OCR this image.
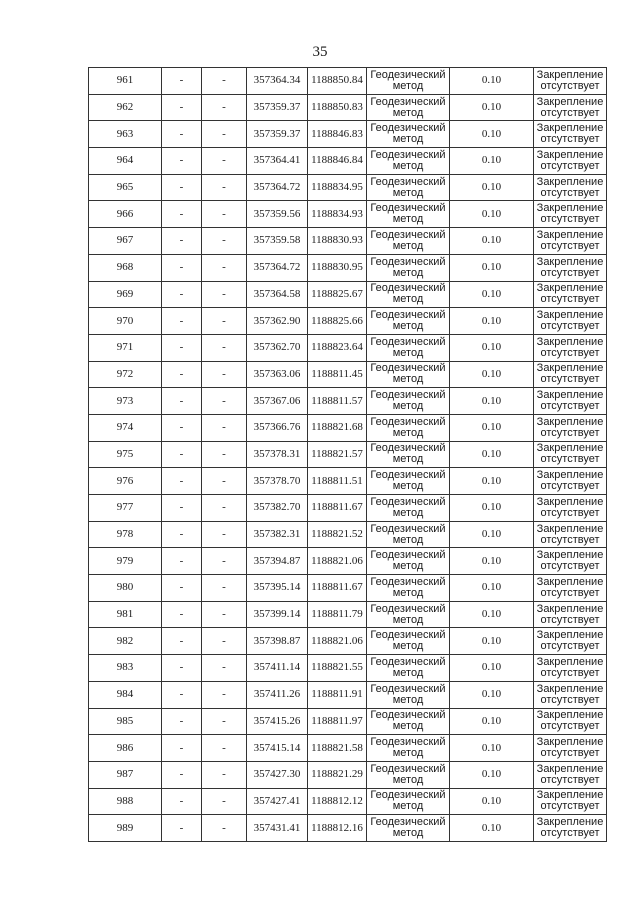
35
961	-	-	357364.34	1188850.84	Геодезический метод	0.10	Закрепление отсутствует
962	-	-	357359.37	1188850.83	Геодезический метод	0.10	Закрепление отсутствует
963	-	-	357359.37	1188846.83	Геодезический метод	0.10	Закрепление отсутствует
964	-	-	357364.41	1188846.84	Геодезический метод	0.10	Закрепление отсутствует
965	-	-	357364.72	1188834.95	Геодезический метод	0.10	Закрепление отсутствует
966	-	-	357359.56	1188834.93	Геодезический метод	0.10	Закрепление отсутствует
967	-	-	357359.58	1188830.93	Геодезический метод	0.10	Закрепление отсутствует
968	-	-	357364.72	1188830.95	Геодезический метод	0.10	Закрепление отсутствует
969	-	-	357364.58	1188825.67	Геодезический метод	0.10	Закрепление отсутствует
970	-	-	357362.90	1188825.66	Геодезический метод	0.10	Закрепление отсутствует
971	-	-	357362.70	1188823.64	Геодезический метод	0.10	Закрепление отсутствует
972	-	-	357363.06	1188811.45	Геодезический метод	0.10	Закрепление отсутствует
973	-	-	357367.06	1188811.57	Геодезический метод	0.10	Закрепление отсутствует
974	-	-	357366.76	1188821.68	Геодезический метод	0.10	Закрепление отсутствует
975	-	-	357378.31	1188821.57	Геодезический метод	0.10	Закрепление отсутствует
976	-	-	357378.70	1188811.51	Геодезический метод	0.10	Закрепление отсутствует
977	-	-	357382.70	1188811.67	Геодезический метод	0.10	Закрепление отсутствует
978	-	-	357382.31	1188821.52	Геодезический метод	0.10	Закрепление отсутствует
979	-	-	357394.87	1188821.06	Геодезический метод	0.10	Закрепление отсутствует
980	-	-	357395.14	1188811.67	Геодезический метод	0.10	Закрепление отсутствует
981	-	-	357399.14	1188811.79	Геодезический метод	0.10	Закрепление отсутствует
982	-	-	357398.87	1188821.06	Геодезический метод	0.10	Закрепление отсутствует
983	-	-	357411.14	1188821.55	Геодезический метод	0.10	Закрепление отсутствует
984	-	-	357411.26	1188811.91	Геодезический метод	0.10	Закрепление отсутствует
985	-	-	357415.26	1188811.97	Геодезический метод	0.10	Закрепление отсутствует
986	-	-	357415.14	1188821.58	Геодезический метод	0.10	Закрепление отсутствует
987	-	-	357427.30	1188821.29	Геодезический метод	0.10	Закрепление отсутствует
988	-	-	357427.41	1188812.12	Геодезический метод	0.10	Закрепление отсутствует
989	-	-	357431.41	1188812.16	Геодезический метод	0.10	Закрепление отсутствует
